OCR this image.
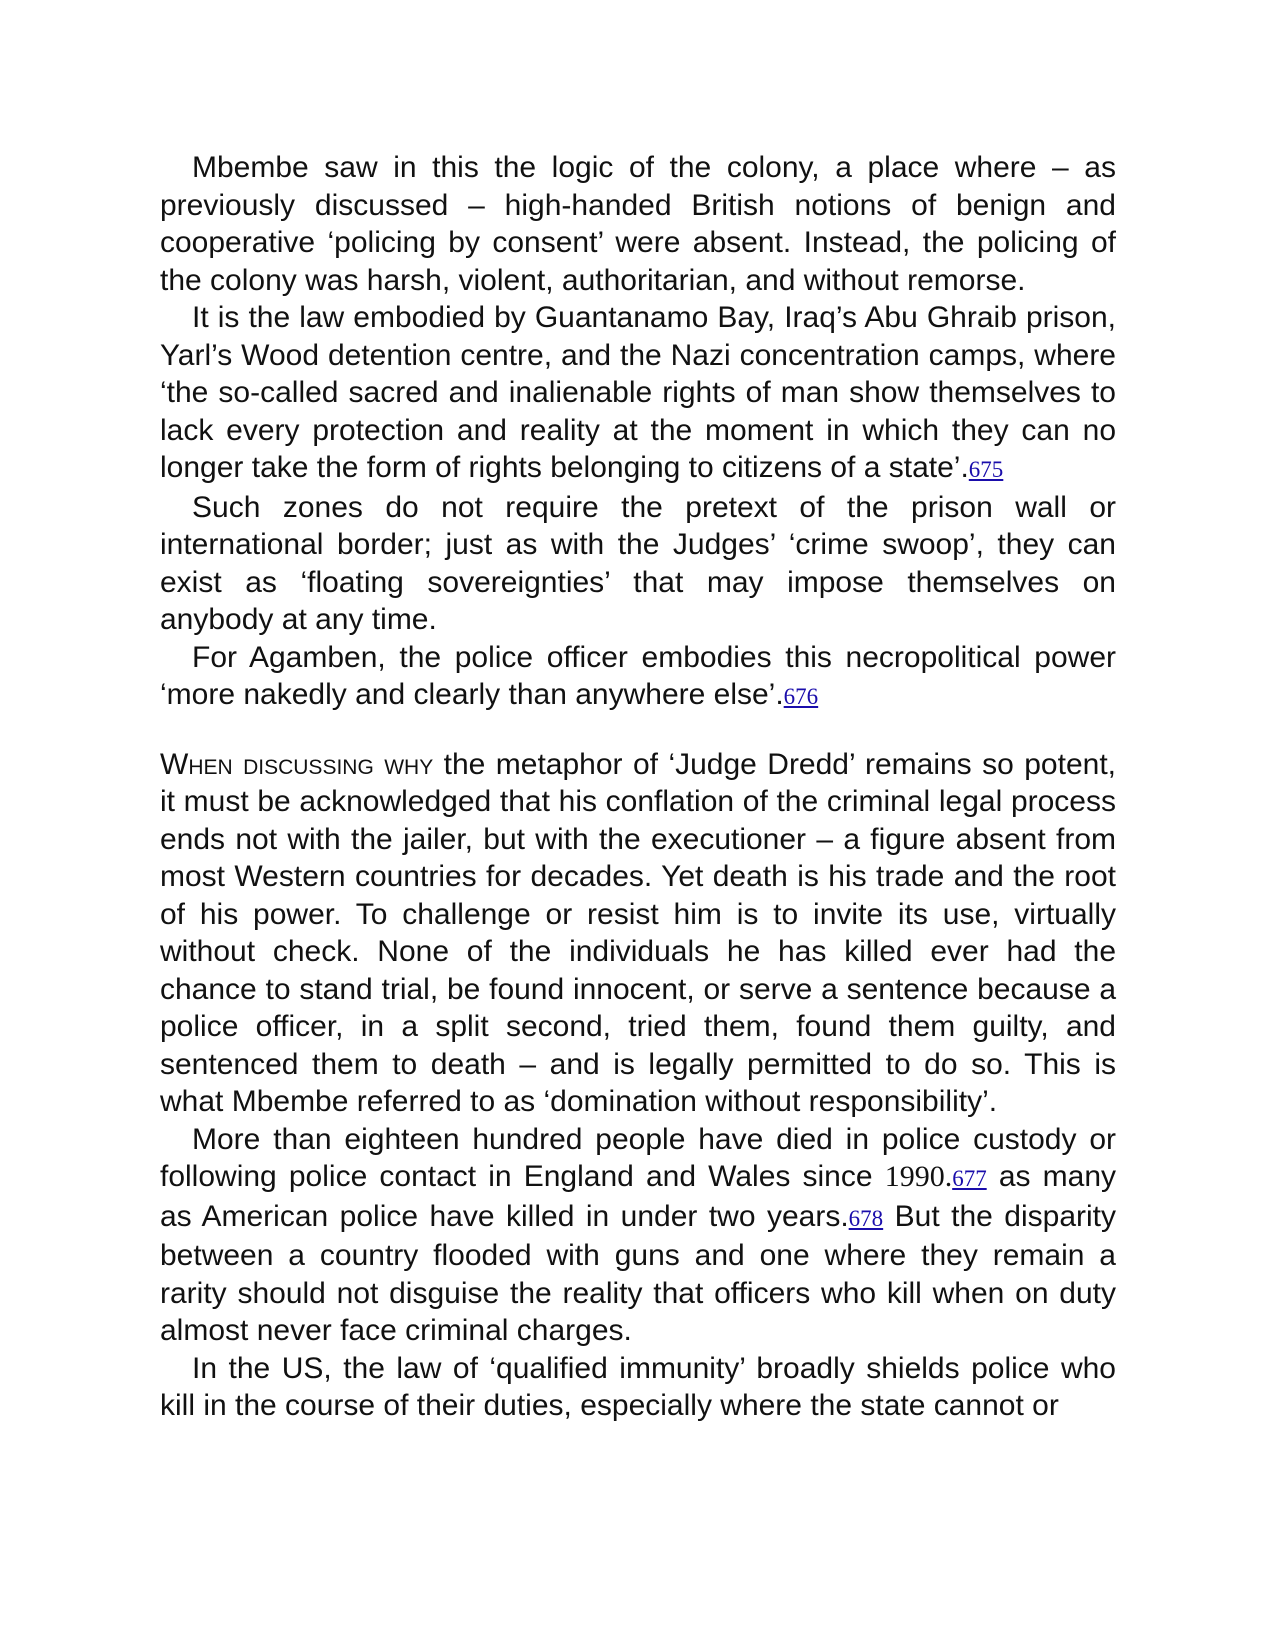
Mbembe saw in this the logic of the colony, a place where – as previously discussed – high-handed British notions of benign and cooperative ‘policing by consent’ were absent. Instead, the policing of the colony was harsh, violent, authoritarian, and without remorse.

It is the law embodied by Guantanamo Bay, Iraq’s Abu Ghraib prison, Yarl’s Wood detention centre, and the Nazi concentration camps, where ‘the so-called sacred and inalienable rights of man show themselves to lack every protection and reality at the moment in which they can no longer take the form of rights belonging to citizens of a state’.675

Such zones do not require the pretext of the prison wall or international border; just as with the Judges’ ‘crime swoop’, they can exist as ‘floating sovereignties’ that may impose themselves on anybody at any time.

For Agamben, the police officer embodies this necropolitical power ‘more nakedly and clearly than anywhere else’.676

When discussing why the metaphor of ‘Judge Dredd’ remains so potent, it must be acknowledged that his conflation of the criminal legal process ends not with the jailer, but with the executioner – a figure absent from most Western countries for decades. Yet death is his trade and the root of his power. To challenge or resist him is to invite its use, virtually without check. None of the individuals he has killed ever had the chance to stand trial, be found innocent, or serve a sentence because a police officer, in a split second, tried them, found them guilty, and sentenced them to death – and is legally permitted to do so. This is what Mbembe referred to as ‘domination without responsibility’.

More than eighteen hundred people have died in police custody or following police contact in England and Wales since 1990.677 as many as American police have killed in under two years.678 But the disparity between a country flooded with guns and one where they remain a rarity should not disguise the reality that officers who kill when on duty almost never face criminal charges.

In the US, the law of ‘qualified immunity’ broadly shields police who kill in the course of their duties, especially where the state cannot or
